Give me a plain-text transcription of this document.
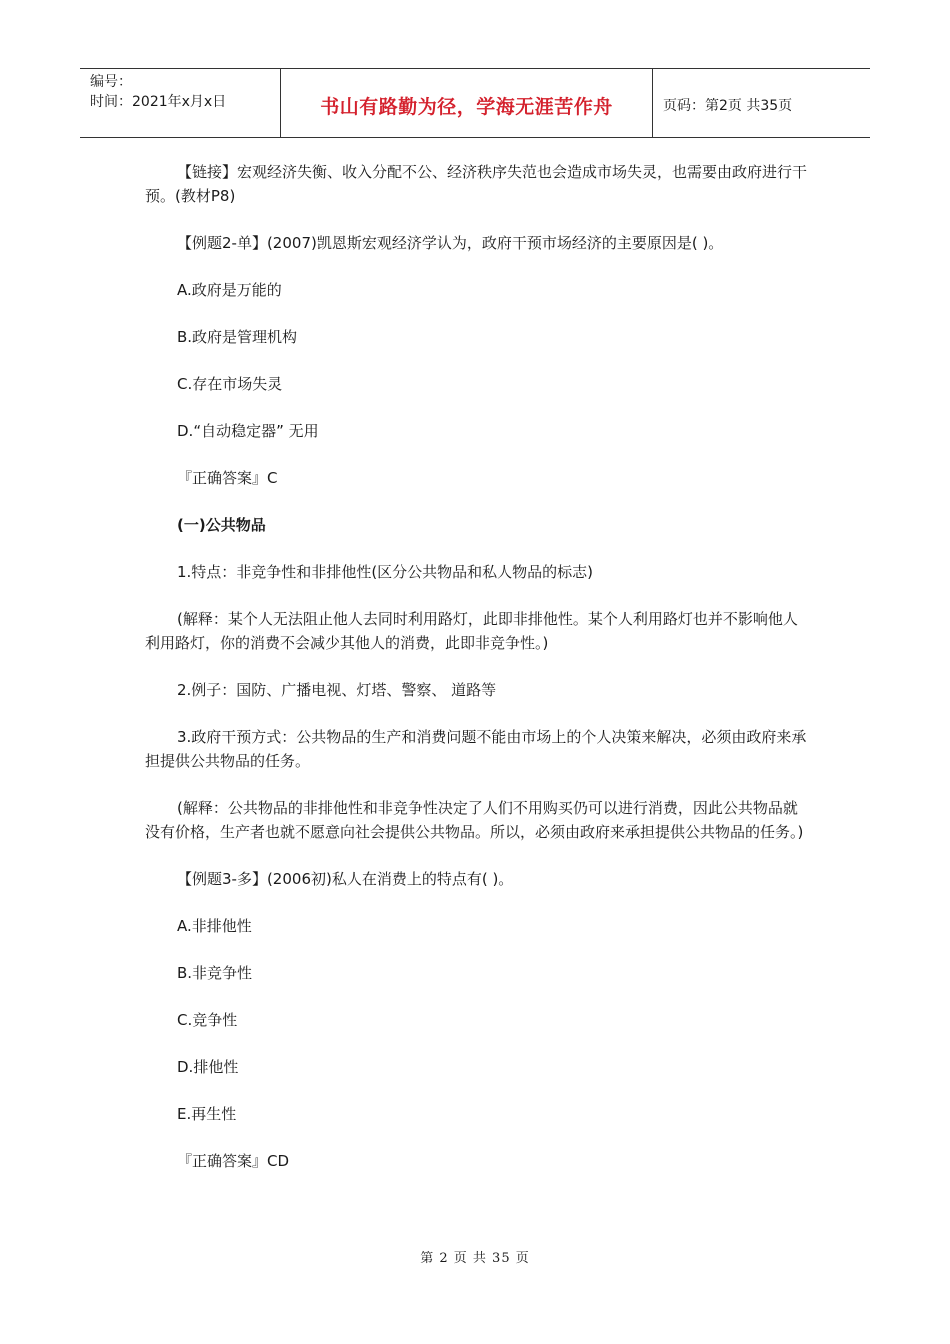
编号：
时间：2021年x月x日	书山有路勤为径，学海无涯苦作舟	页码：第2页 共35页

【链接】宏观经济失衡、收入分配不公、经济秩序失范也会造成市场失灵，也需要由政府进行干预。(教材P8)

【例题2-单】(2007)凯恩斯宏观经济学认为，政府干预市场经济的主要原因是( )。

A.政府是万能的

B.政府是管理机构

C.存在市场失灵

D.“自动稳定器” 无用

『正确答案』C

(一)公共物品

1.特点：非竞争性和非排他性(区分公共物品和私人物品的标志)

(解释：某个人无法阻止他人去同时利用路灯，此即非排他性。某个人利用路灯也并不影响他人利用路灯，你的消费不会减少其他人的消费，此即非竞争性。)

2.例子：国防、广播电视、灯塔、警察、 道路等

3.政府干预方式：公共物品的生产和消费问题不能由市场上的个人决策来解决，必须由政府来承担提供公共物品的任务。

(解释：公共物品的非排他性和非竞争性决定了人们不用购买仍可以进行消费，因此公共物品就没有价格，生产者也就不愿意向社会提供公共物品。所以，必须由政府来承担提供公共物品的任务。)

【例题3-多】(2006初)私人在消费上的特点有( )。

A.非排他性

B.非竞争性

C.竞争性

D.排他性

E.再生性

『正确答案』CD

第 2 页 共 35 页
